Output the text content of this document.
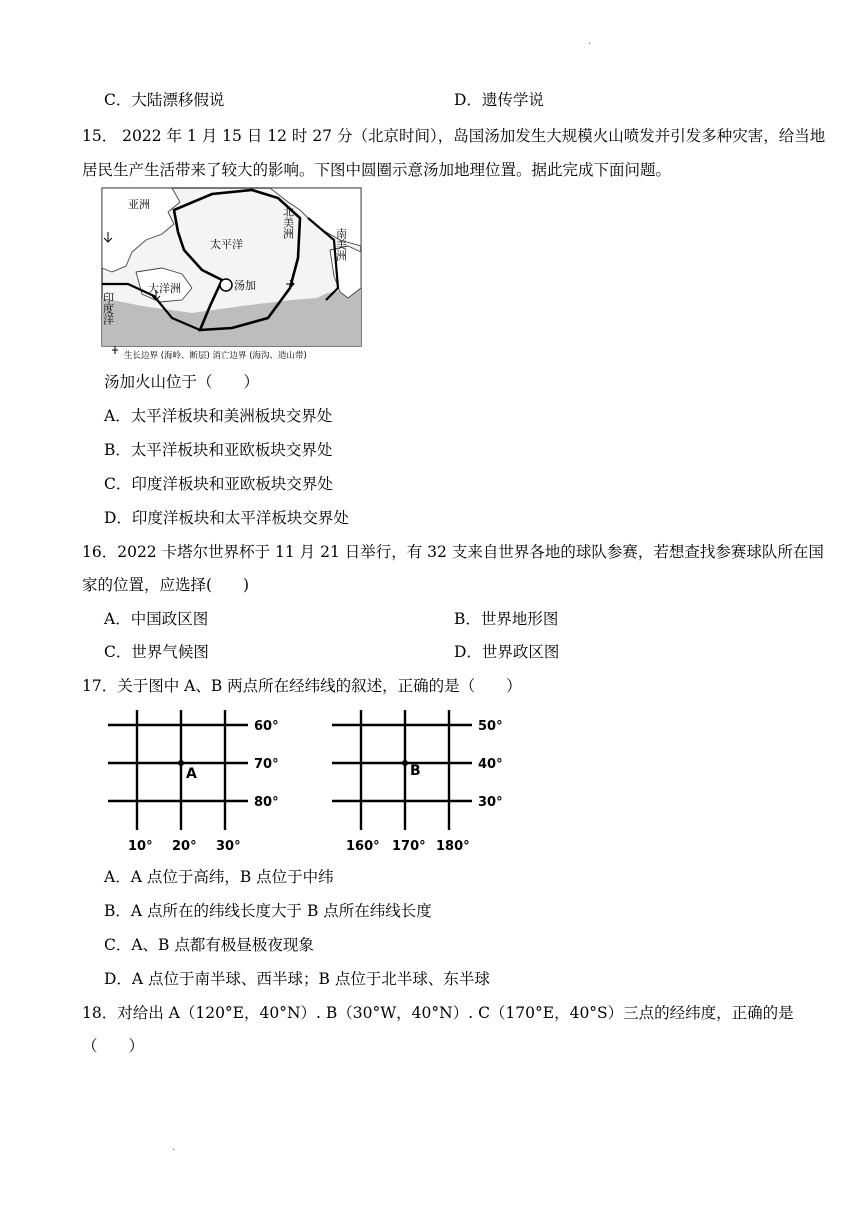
.
C．大陆漂移假说	D．遗传学说
15． 2022 年 1 月 15 日 12 时 27 分（北京时间），岛国汤加发生大规模火山喷发并引发多种灾害，给当地
居民生产生活带来了较大的影响。下图中圆圈示意汤加地理位置。据此完成下面问题。
亚洲
太平洋
大洋洲	汤加
北美洲
南美洲
印度洋
生长边界 (海岭、断层) 消亡边界 (海沟、造山带)
汤加火山位于（　　）
A．太平洋板块和美洲板块交界处
B．太平洋板块和亚欧板块交界处
C．印度洋板块和亚欧板块交界处
D．印度洋板块和太平洋板块交界处
16．2022 卡塔尔世界杯于 11 月 21 日举行，有 32 支来自世界各地的球队参赛，若想查找参赛球队所在国
家的位置，应选择(　　)
A．中国政区图	B．世界地形图
C．世界气候图	D．世界政区图
17．关于图中 A、B 两点所在经纬线的叙述，正确的是（　　）
A
60°
70°
80°
10° 20° 30°
B
50°
40°
30°
160° 170° 180°
A．A 点位于高纬，B 点位于中纬
B．A 点所在的纬线长度大于 B 点所在纬线长度
C．A、B 点都有极昼极夜现象
D．A 点位于南半球、西半球；B 点位于北半球、东半球
18．对给出 A（120°E，40°N）. B（30°W，40°N）. C（170°E，40°S）三点的经纬度，正确的是
（　　）
.
